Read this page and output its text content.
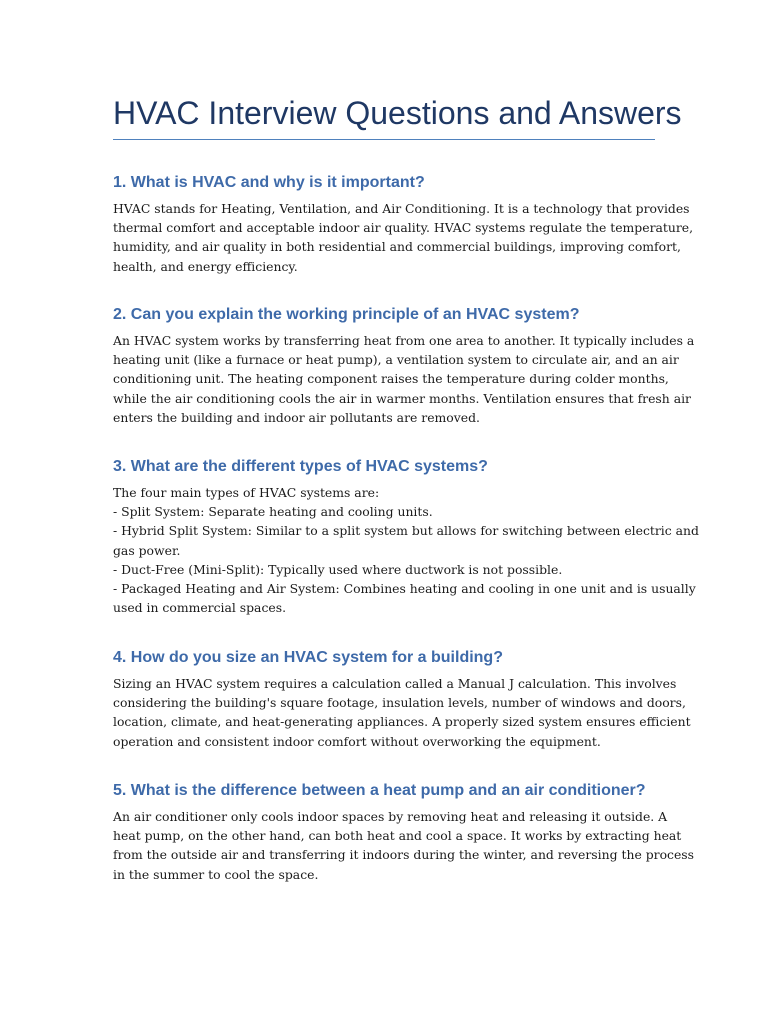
HVAC Interview Questions and Answers
1. What is HVAC and why is it important?

HVAC stands for Heating, Ventilation, and Air Conditioning. It is a technology that provides
thermal comfort and acceptable indoor air quality. HVAC systems regulate the temperature,
humidity, and air quality in both residential and commercial buildings, improving comfort,
health, and energy efficiency.

2. Can you explain the working principle of an HVAC system?

An HVAC system works by transferring heat from one area to another. It typically includes a
heating unit (like a furnace or heat pump), a ventilation system to circulate air, and an air
conditioning unit. The heating component raises the temperature during colder months,
while the air conditioning cools the air in warmer months. Ventilation ensures that fresh air
enters the building and indoor air pollutants are removed.

3. What are the different types of HVAC systems?

The four main types of HVAC systems are:
- Split System: Separate heating and cooling units.
- Hybrid Split System: Similar to a split system but allows for switching between electric and
gas power.
- Duct-Free (Mini-Split): Typically used where ductwork is not possible.
- Packaged Heating and Air System: Combines heating and cooling in one unit and is usually
used in commercial spaces.

4. How do you size an HVAC system for a building?

Sizing an HVAC system requires a calculation called a Manual J calculation. This involves
considering the building's square footage, insulation levels, number of windows and doors,
location, climate, and heat-generating appliances. A properly sized system ensures efficient
operation and consistent indoor comfort without overworking the equipment.

5. What is the difference between a heat pump and an air conditioner?

An air conditioner only cools indoor spaces by removing heat and releasing it outside. A
heat pump, on the other hand, can both heat and cool a space. It works by extracting heat
from the outside air and transferring it indoors during the winter, and reversing the process
in the summer to cool the space.
